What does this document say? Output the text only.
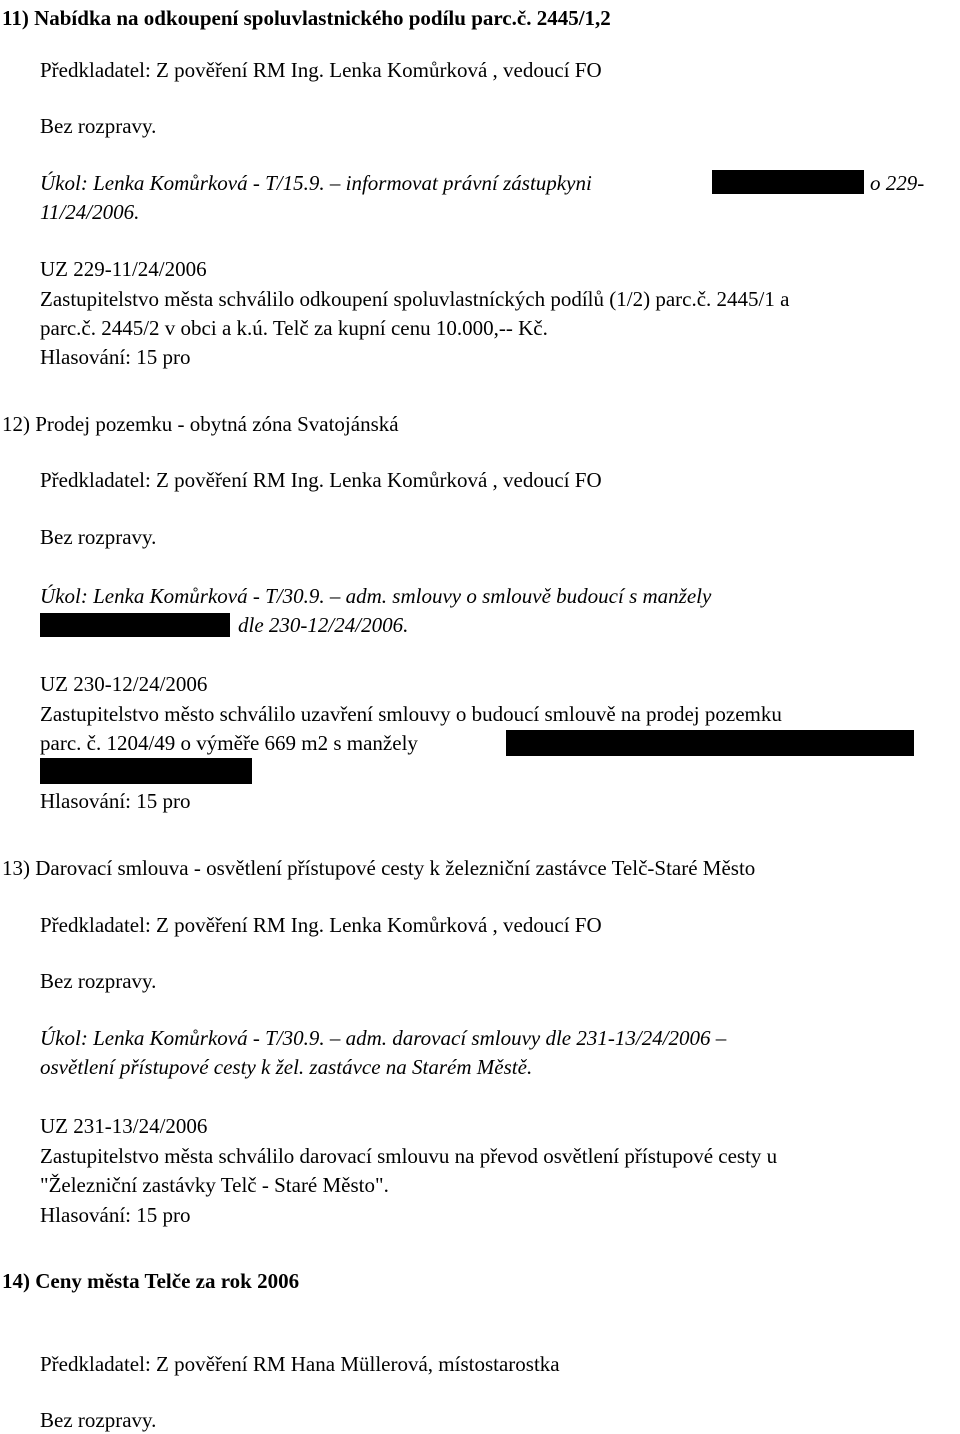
11) Nabídka na odkoupení spoluvlastnického podílu parc.č. 2445/1,2
Předkladatel: Z pověření RM Ing. Lenka Komůrková , vedoucí FO
Bez rozpravy.
Úkol: Lenka Komůrková - T/15.9. – informovat právní zástupkyni	o 229-
11/24/2006.
UZ 229-11/24/2006
Zastupitelstvo města schválilo odkoupení spoluvlastníckých podílů (1/2) parc.č. 2445/1 a
parc.č. 2445/2 v obci a k.ú. Telč za kupní cenu 10.000,-- Kč.
Hlasování: 15 pro
12) Prodej pozemku - obytná zóna Svatojánská
Předkladatel: Z pověření RM Ing. Lenka Komůrková , vedoucí FO
Bez rozpravy.
Úkol: Lenka Komůrková - T/30.9. – adm. smlouvy o smlouvě budoucí s manžely
dle 230-12/24/2006.
UZ 230-12/24/2006
Zastupitelstvo město schválilo uzavření smlouvy o budoucí smlouvě na prodej pozemku
parc. č. 1204/49 o výměře 669 m2 s manžely
Hlasování: 15 pro
13) Darovací smlouva - osvětlení přístupové cesty k železniční zastávce Telč-Staré Město
Předkladatel: Z pověření RM Ing. Lenka Komůrková , vedoucí FO
Bez rozpravy.
Úkol: Lenka Komůrková - T/30.9. – adm. darovací smlouvy dle 231-13/24/2006 –
osvětlení přístupové cesty k žel. zastávce na Starém Městě.
UZ 231-13/24/2006
Zastupitelstvo města schválilo darovací smlouvu na převod osvětlení přístupové cesty u
"Železniční zastávky Telč - Staré Město".
Hlasování: 15 pro
14) Ceny města Telče za rok 2006
Předkladatel: Z pověření RM Hana Müllerová, místostarostka
Bez rozpravy.
